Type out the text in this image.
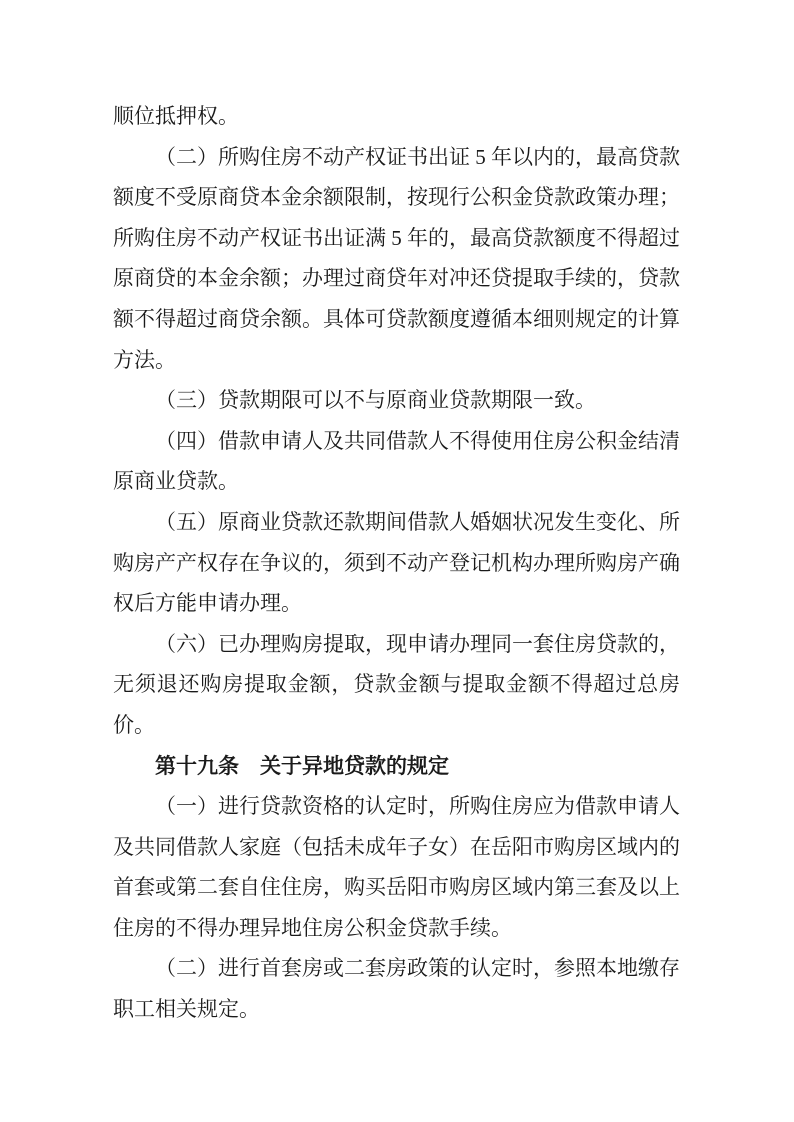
顺位抵押权。

（二）所购住房不动产权证书出证 5 年以内的，最高贷款额度不受原商贷本金余额限制，按现行公积金贷款政策办理；所购住房不动产权证书出证满 5 年的，最高贷款额度不得超过原商贷的本金余额；办理过商贷年对冲还贷提取手续的，贷款额不得超过商贷余额。具体可贷款额度遵循本细则规定的计算方法。

（三）贷款期限可以不与原商业贷款期限一致。

（四）借款申请人及共同借款人不得使用住房公积金结清原商业贷款。

（五）原商业贷款还款期间借款人婚姻状况发生变化、所购房产产权存在争议的，须到不动产登记机构办理所购房产确权后方能申请办理。

（六）已办理购房提取，现申请办理同一套住房贷款的，无须退还购房提取金额，贷款金额与提取金额不得超过总房价。

第十九条　关于异地贷款的规定

（一）进行贷款资格的认定时，所购住房应为借款申请人及共同借款人家庭（包括未成年子女）在岳阳市购房区域内的首套或第二套自住住房，购买岳阳市购房区域内第三套及以上住房的不得办理异地住房公积金贷款手续。

（二）进行首套房或二套房政策的认定时，参照本地缴存职工相关规定。
